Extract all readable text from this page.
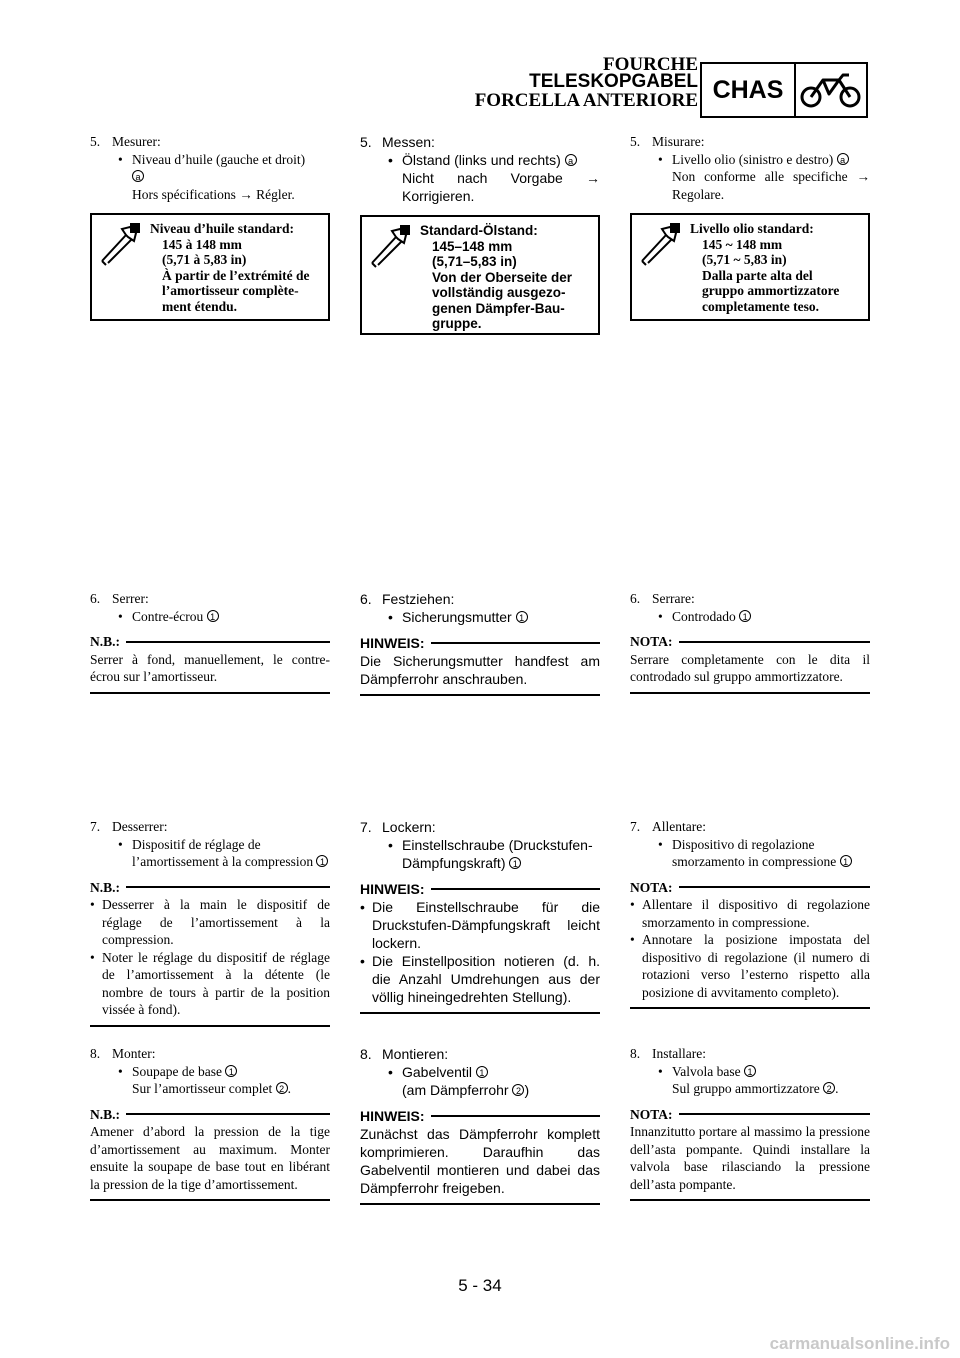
FOURCHE
TELESKOPGABEL
FORCELLA ANTERIORE CHAS
5. Mesurer:
• Niveau d’huile (gauche et droit)
a
Hors spécifications → Régler.
Niveau d’huile standard:
145 à 148 mm
(5,71 à 5,83 in)
À partir de l’extrémité de
l’amortisseur complète-
ment étendu.
6. Serrer:
• Contre-écrou 1
N.B.:
Serrer à fond, manuellement, le contre-écrou sur l’amortisseur.
7. Desserrer:
• Dispositif de réglage de l’amortissement à la compression 1
N.B.:
• Desserrer à la main le dispositif de réglage de l’amortissement à la compression.
• Noter le réglage du dispositif de réglage de l’amortissement à la détente (le nombre de tours à partir de la position vissée à fond).
8. Monter:
• Soupape de base 1
Sur l’amortisseur complet 2 .
N.B.:
Amener d’abord la pression de la tige d’amortissement au maximum. Monter ensuite la soupape de base tout en libérant la pression de la tige d’amortissement.
5. Messen:
• Ölstand (links und rechts) a
Nicht nach Vorgabe → Korrigieren.
Standard-Ölstand:
145–148 mm
(5,71–5,83 in)
Von der Oberseite der
vollständig ausgezo-
genen Dämpfer-Bau-
gruppe.
6. Festziehen:
• Sicherungsmutter 1
HINWEIS:
Die Sicherungsmutter handfest am Dämpferrohr anschrauben.
7. Lockern:
• Einstellschraube (Druckstufen-Dämpfungskraft) 1
HINWEIS:
• Die Einstellschraube für die Druckstufen-Dämpfungskraft leicht lockern.
• Die Einstellposition notieren (d. h. die Anzahl Umdrehungen aus der völlig hineingedrehten Stellung).
8. Montieren:
• Gabelventil 1
(am Dämpferrohr 2 )
HINWEIS:
Zunächst das Dämpferrohr komplett komprimieren. Daraufhin das Gabelventil montieren und dabei das Dämpferrohr freigeben.
5. Misurare:
• Livello olio (sinistro e destro) a
Non conforme alle specifiche → Regolare.
Livello olio standard:
145 ~ 148 mm
(5,71 ~ 5,83 in)
Dalla parte alta del
gruppo ammortizzatore
completamente teso.
6. Serrare:
• Controdado 1
NOTA:
Serrare completamente con le dita il controdado sul gruppo ammortizzatore.
7. Allentare:
• Dispositivo di regolazione smorzamento in compressione 1
NOTA:
• Allentare il dispositivo di regolazione smorzamento in compressione.
• Annotare la posizione impostata del dispositivo di regolazione (il numero di rotazioni verso l’esterno rispetto alla posizione di avvitamento completo).
8. Installare:
• Valvola base 1
Sul gruppo ammortizzatore 2 .
NOTA:
Innanzitutto portare al massimo la pressione dell’asta pompante. Quindi installare la valvola base rilasciando la pressione dell’asta pompante.
5 - 34
carmanualsonline.info
